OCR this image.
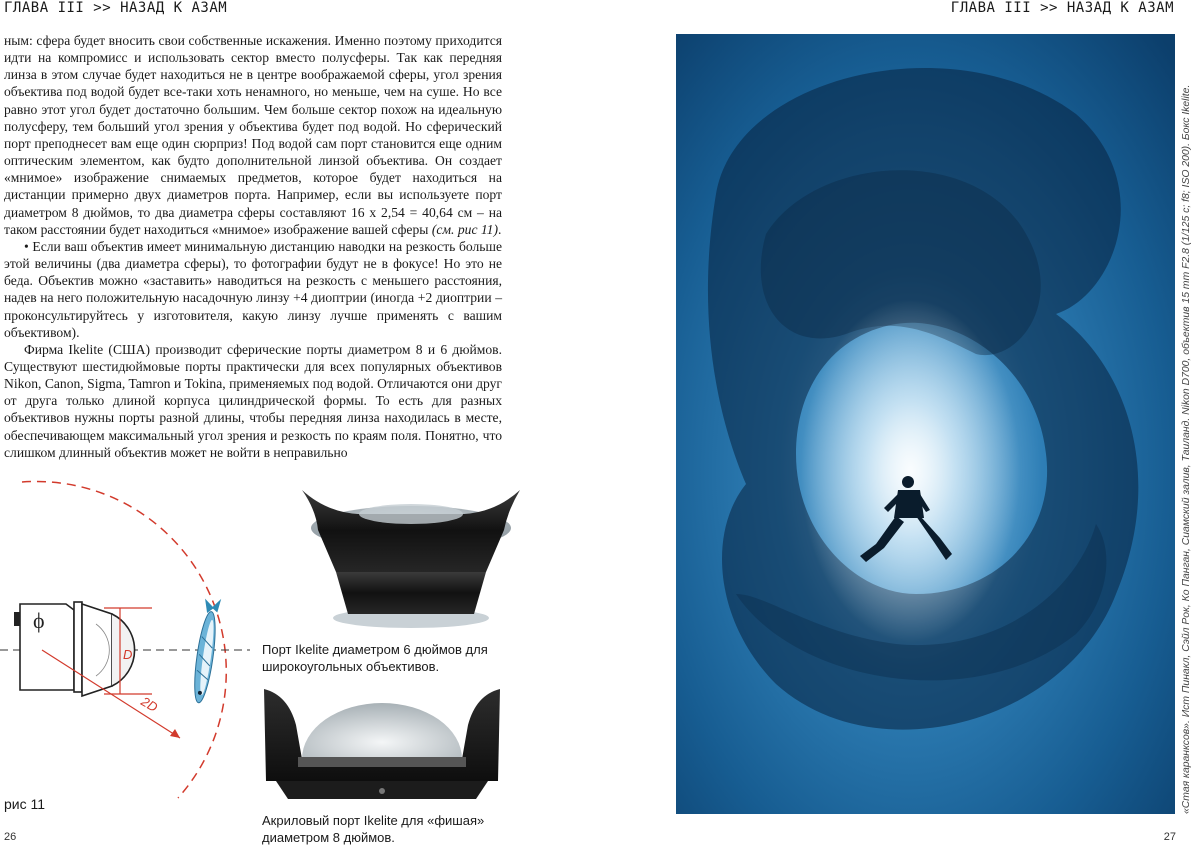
ГЛАВА III >> НАЗАД К АЗАМ

ным: сфера будет вносить свои собственные искажения. Именно поэтому приходится идти на компромисс и использовать сектор вместо полусферы. Так как передняя линза в этом случае будет находиться не в центре воображаемой сферы, угол зрения объектива под водой будет все-таки хоть ненамного, но меньше, чем на суше. Но все равно этот угол будет достаточно большим. Чем больше сектор похож на идеальную полусферу, тем больший угол зрения у объектива будет под водой. Но сферический порт преподнесет вам еще один сюрприз! Под водой сам порт становится еще одним оптическим элементом, как будто дополнительной линзой объектива. Он создает «мнимое» изображение снимаемых предметов, которое будет находиться на дистанции примерно двух диаметров порта. Например, если вы используете порт диаметром 8 дюймов, то два диаметра сферы составляют 16 х 2,54 = 40,64 см – на таком расстоянии будет находиться «мнимое» изображение вашей сферы (см. рис 11).

• Если ваш объектив имеет минимальную дистанцию наводки на резкость больше этой величины (два диаметра сферы), то фотографии будут не в фокусе! Но это не беда. Объектив можно «заставить» наводиться на резкость с меньшего расстояния, надев на него положительную насадочную линзу +4 диоптрии (иногда +2 диоптрии – проконсультируйтесь у изготовителя, какую линзу лучше применять с вашим объективом).

Фирма Ikelite (США) производит сферические порты диаметром 8 и 6 дюймов. Существуют шестидюймовые порты практически для всех популярных объективов Nikon, Canon, Sigma, Tamron и Tokina, применяемых под водой. Отличаются они друг от друга только длиной корпуса цилиндрической формы. То есть для разных объективов нужны порты разной длины, чтобы передняя линза находилась в месте, обеспечивающем максимальный угол зрения и резкость по краям поля. Понятно, что слишком длинный объектив может не войти в неправильно

ϕ
D
2D
рис 11
Порт Ikelite диаметром 6 дюймов для широкоугольных объективов.
Акриловый порт Ikelite для «фишая» диаметром 8 дюймов.
26
ГЛАВА III >> НАЗАД К АЗАМ
«Стая каранксов». Ист Пинакл, Сэйл Рок, Ко Панган, Сиамский залив, Таиланд. Nikon D700, объектив 15 mm F2.8 (1/125 с; f8; ISO 200). Бокс Ikelite.
27
